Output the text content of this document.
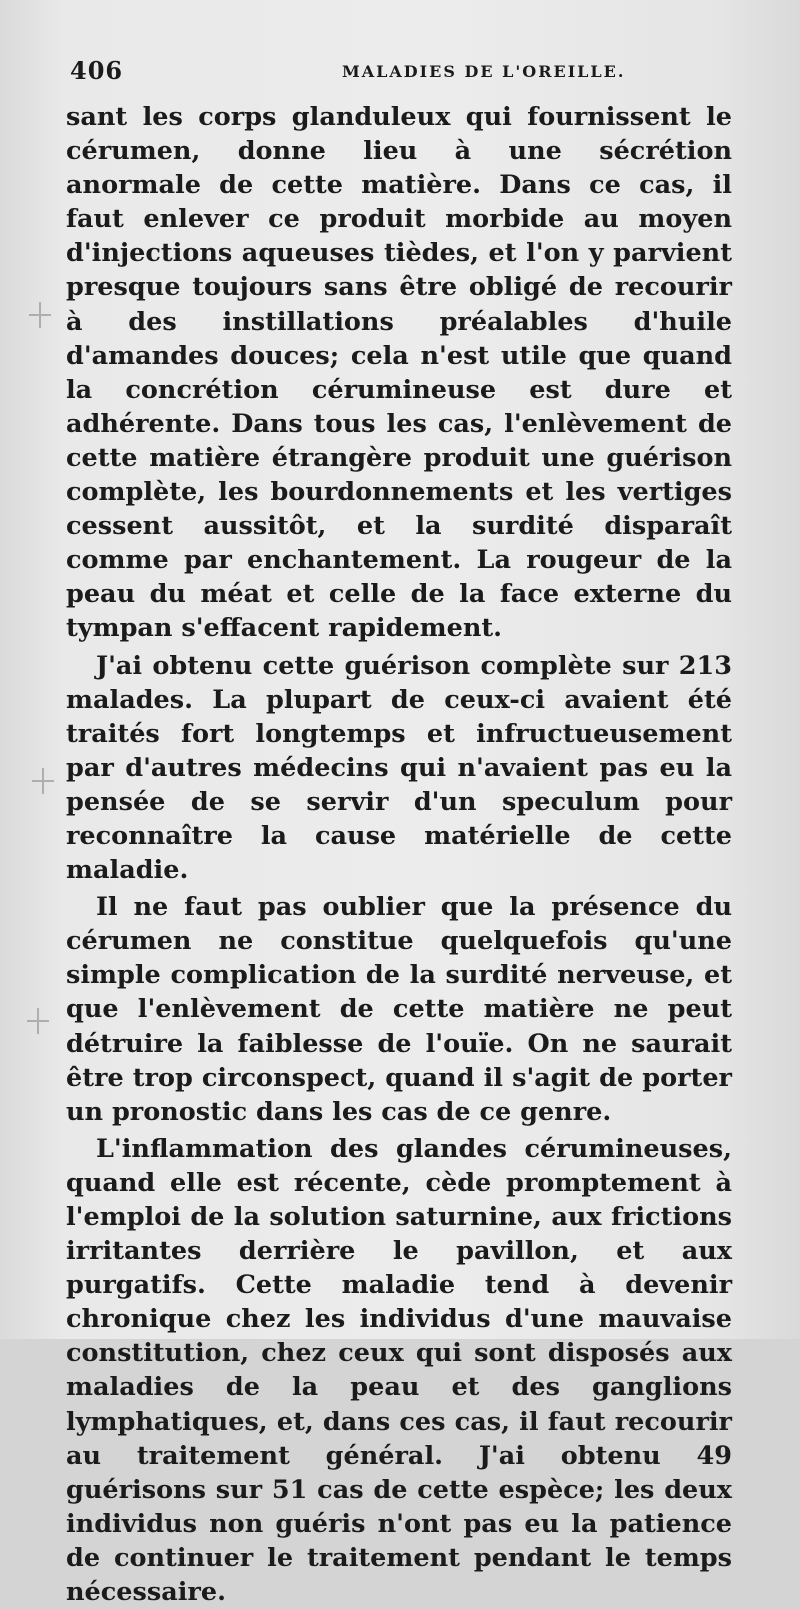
406	MALADIES DE L'OREILLE.

sant les corps glanduleux qui fournissent le cérumen, donne lieu à une sécrétion anormale de cette matière. Dans ce cas, il faut enlever ce produit morbide au moyen d'injections aqueuses tièdes, et l'on y parvient presque toujours sans être obligé de recourir à des instillations préalables d'huile d'amandes douces; cela n'est utile que quand la concrétion cérumineuse est dure et adhérente. Dans tous les cas, l'enlèvement de cette matière étrangère produit une guérison complète, les bourdonnements et les vertiges cessent aussitôt, et la surdité disparaît comme par enchantement. La rougeur de la peau du méat et celle de la face externe du tympan s'effacent rapidement.

J'ai obtenu cette guérison complète sur 213 malades. La plupart de ceux-ci avaient été traités fort longtemps et infructueusement par d'autres médecins qui n'avaient pas eu la pensée de se servir d'un speculum pour reconnaître la cause matérielle de cette maladie.

Il ne faut pas oublier que la présence du cérumen ne constitue quelquefois qu'une simple complication de la surdité nerveuse, et que l'enlèvement de cette matière ne peut détruire la faiblesse de l'ouïe. On ne saurait être trop circonspect, quand il s'agit de porter un pronostic dans les cas de ce genre.

L'inflammation des glandes cérumineuses, quand elle est récente, cède promptement à l'emploi de la solution saturnine, aux frictions irritantes derrière le pavillon, et aux purgatifs. Cette maladie tend à devenir chronique chez les individus d'une mauvaise constitution, chez ceux qui sont disposés aux maladies de la peau et des ganglions lymphatiques, et, dans ces cas, il faut recourir au traitement général. J'ai obtenu 49 guérisons sur 51 cas de cette espèce; les deux individus non guéris n'ont pas eu la patience de continuer le traitement pendant le temps nécessaire.
